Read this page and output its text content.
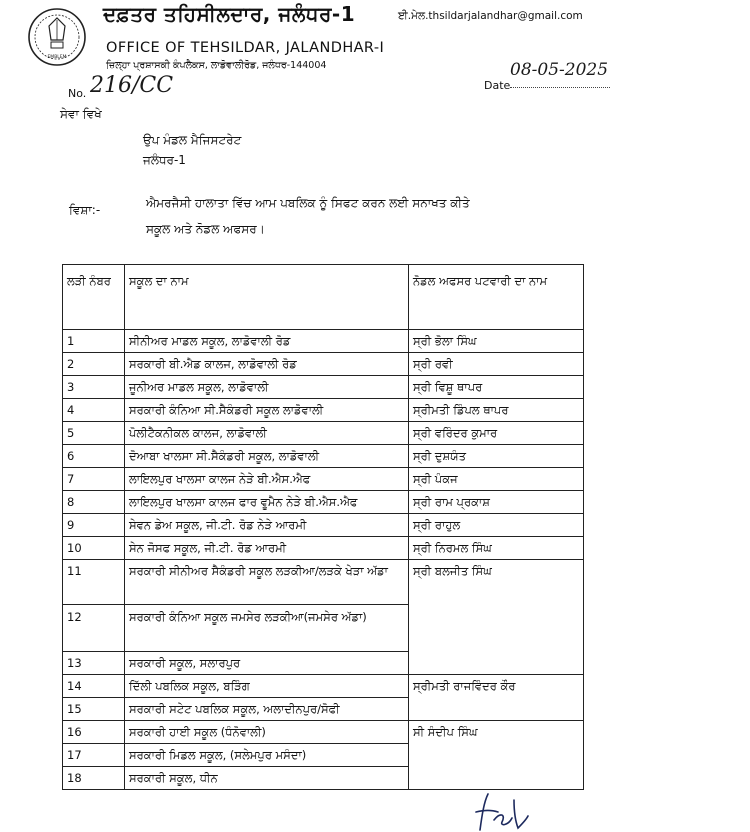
EMBLEM
ਦਫ਼ਤਰ ਤਹਿਸੀਲਦਾਰ, ਜਲੰਧਰ-1	ਈ.ਮੇਲ.thsildarjalandhar@gmail.com
OFFICE OF TEHSILDAR, JALANDHAR-I
ਜ਼ਿਲ੍ਹਾ ਪ੍ਰਸ਼ਾਸਕੀ ਕੰਪਲੈਕਸ, ਲਾਡੋਵਾਲੀਰੋਡ, ਜਲੰਧਰ-144004
No. 216/CC	Date
08-05-2025
ਸੇਵਾ ਵਿਖੇ
ਉਪ ਮੰਡਲ ਮੈਜਿਸਟਰੇਟ
ਜਲੰਧਰ-1
ਵਿਸ਼ਾ:-	ਐਮਰਜੈਸੀ ਹਾਲਾਤਾ ਵਿੱਚ ਆਮ ਪਬਲਿਕ ਨੂੰ ਸਿਫਟ ਕਰਨ ਲਈ ਸਨਾਖਤ ਕੀਤੇ
ਸਕੂਲ ਅਤੇ ਨੋਡਲ ਅਫਸਰ।
ਲੜੀ ਨੰਬਰ	ਸਕੂਲ ਦਾ ਨਾਮ	ਨੋਡਲ ਅਫਸਰ ਪਟਵਾਰੀ ਦਾ ਨਾਮ
1	ਸੀਨੀਅਰ ਮਾਡਲ ਸਕੂਲ, ਲਾਡੋਵਾਲੀ ਰੋਡ	ਸ੍ਰੀ ਭੋਲਾ ਸਿੰਘ
2	ਸਰਕਾਰੀ ਬੀ.ਐਡ ਕਾਲਜ, ਲਾਡੋਵਾਲੀ ਰੋਡ	ਸ੍ਰੀ ਰਵੀ
3	ਜੂਨੀਅਰ ਮਾਡਲ ਸਕੂਲ, ਲਾਡੋਵਾਲੀ	ਸ੍ਰੀ ਵਿਸ਼ੂ ਥਾਪਰ
4	ਸਰਕਾਰੀ ਕੰਨਿਆ ਸੀ.ਸੈਕੰਡਰੀ ਸਕੂਲ ਲਾਡੋਵਾਲੀ	ਸ੍ਰੀਮਤੀ ਡਿੰਪਲ ਥਾਪਰ
5	ਪੋਲੀਟੈਕਨੀਕਲ ਕਾਲਜ, ਲਾਡੋਵਾਲੀ	ਸ੍ਰੀ ਵਰਿੰਦਰ ਕੁਮਾਰ
6	ਦੋਆਬਾ ਖਾਲਸਾ ਸੀ.ਸੈਕੰਡਰੀ ਸਕੂਲ, ਲਾਡੋਵਾਲੀ	ਸ੍ਰੀ ਦੁਸ਼ਯੰਤ
7	ਲਾਇਲਪੁਰ ਖਾਲਸਾ ਕਾਲਜ ਨੇੜੇ ਬੀ.ਐਸ.ਐਫ	ਸ੍ਰੀ ਪੰਕਜ
8	ਲਾਇਲਪੁਰ ਖਾਲਸਾ ਕਾਲਜ ਫਾਰ ਵੂਮੈਨ ਨੇੜੇ ਬੀ.ਐਸ.ਐਫ	ਸ੍ਰੀ ਰਾਮ ਪ੍ਰਕਾਸ਼
9	ਸੇਵਨ ਡੇਅ ਸਕੂਲ, ਜੀ.ਟੀ. ਰੋਡ ਨੇੜੇ ਆਰਮੀ	ਸ੍ਰੀ ਰਾਹੁਲ
10	ਸੇਨ ਜੋਸਫ ਸਕੂਲ, ਜੀ.ਟੀ. ਰੋਡ ਆਰਮੀ	ਸ੍ਰੀ ਨਿਰਮਲ ਸਿੰਘ
11	ਸਰਕਾਰੀ ਸੀਨੀਅਰ ਸੈਕੰਡਰੀ ਸਕੂਲ ਲੜਕੀਆ/ਲੜਕੇ ਖੇੜਾ ਅੱਡਾ	ਸ੍ਰੀ ਬਲਜੀਤ ਸਿੰਘ
12	ਸਰਕਾਰੀ ਕੰਨਿਆ ਸਕੂਲ ਜਮਸੇਰ ਲੜਕੀਆ(ਜਮਸੇਰ ਅੱਡਾ)	
13	ਸਰਕਾਰੀ ਸਕੂਲ, ਸਲਾਰਪੁਰ	
14	ਦਿੱਲੀ ਪਬਲਿਕ ਸਕੂਲ, ਬੜਿੰਗ	ਸ੍ਰੀਮਤੀ ਰਾਜਵਿੰਦਰ ਕੌਰ
15	ਸਰਕਾਰੀ ਸਟੇਟ ਪਬਲਿਕ ਸਕੂਲ, ਅਲਾਦੀਨਪੁਰ/ਸੋਫੀ	
16	ਸਰਕਾਰੀ ਹਾਈ ਸਕੂਲ (ਧੰਨੋਵਾਲੀ)	ਸੀ ਸੰਦੀਪ ਸਿੰਘ
17	ਸਰਕਾਰੀ ਮਿਡਲ ਸਕੂਲ, (ਸਲੇਮਪੁਰ ਮਸੰਦਾ)	
18	ਸਰਕਾਰੀ ਸਕੂਲ, ਧੀਨ	
